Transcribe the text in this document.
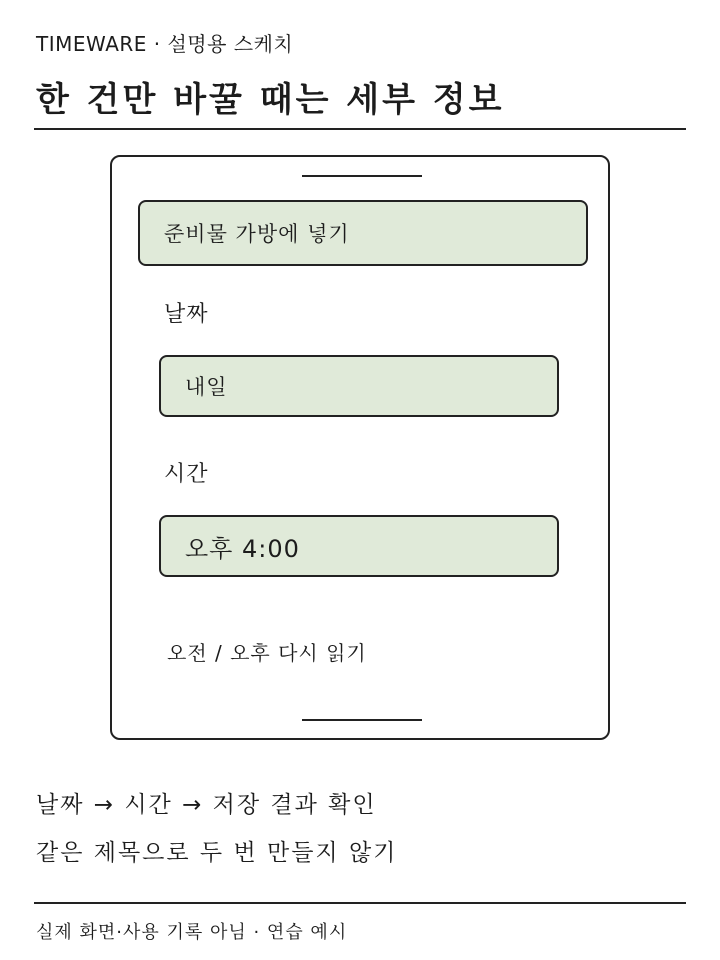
TIMEWARE · 설명용 스케치
한 건만 바꿀 때는 세부 정보
준비물 가방에 넣기
날짜
내일
시간
오후 4:00
오전 / 오후 다시 읽기
날짜 → 시간 → 저장 결과 확인
같은 제목으로 두 번 만들지 않기
실제 화면·사용 기록 아님 · 연습 예시
